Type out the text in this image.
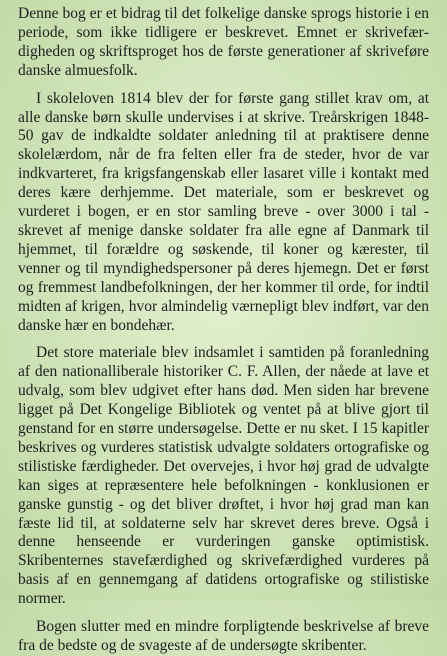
Denne bog er et bidrag til det folkelige danske sprogs historie i en periode, som ikke tidligere er beskrevet. Emnet er skrivefærdigheden og skriftsproget hos de første generationer af skriveføre danske almuesfolk.

I skoleloven 1814 blev der for første gang stillet krav om, at alle danske børn skulle undervises i at skrive. Treårskrigen 1848-50 gav de indkaldte soldater anledning til at praktisere denne skolelærdom, når de fra felten eller fra de steder, hvor de var indkvarteret, fra krigsfangenskab eller lasaret ville i kontakt med deres kære derhjemme. Det materiale, som er beskrevet og vurderet i bogen, er en stor samling breve - over 3000 i tal - skrevet af menige danske soldater fra alle egne af Danmark til hjemmet, til forældre og søskende, til koner og kærester, til venner og til myndighedspersoner på deres hjemegn. Det er først og fremmest landbefolkningen, der her kommer til orde, for indtil midten af krigen, hvor almindelig værnepligt blev indført, var den danske hær en bondehær.

Det store materiale blev indsamlet i samtiden på foranledning af den nationalliberale historiker C. F. Allen, der nåede at lave et udvalg, som blev udgivet efter hans død. Men siden har brevene ligget på Det Kongelige Bibliotek og ventet på at blive gjort til genstand for en større undersøgelse. Dette er nu sket. I 15 kapitler beskrives og vurderes statistisk udvalgte soldaters ortografiske og stilistiske færdigheder. Det overvejes, i hvor høj grad de udvalgte kan siges at repræsentere hele befolkningen - konklusionen er ganske gunstig - og det bliver drøftet, i hvor høj grad man kan fæste lid til, at soldaterne selv har skrevet deres breve. Også i denne henseende er vurderingen ganske optimistisk. Skribenternes stavefærdighed og skrivefærdighed vurderes på basis af en gennemgang af datidens ortografiske og stilistiske normer.

Bogen slutter med en mindre forpligtende beskrivelse af breve fra de bedste og de svageste af de undersøgte skribenter.
